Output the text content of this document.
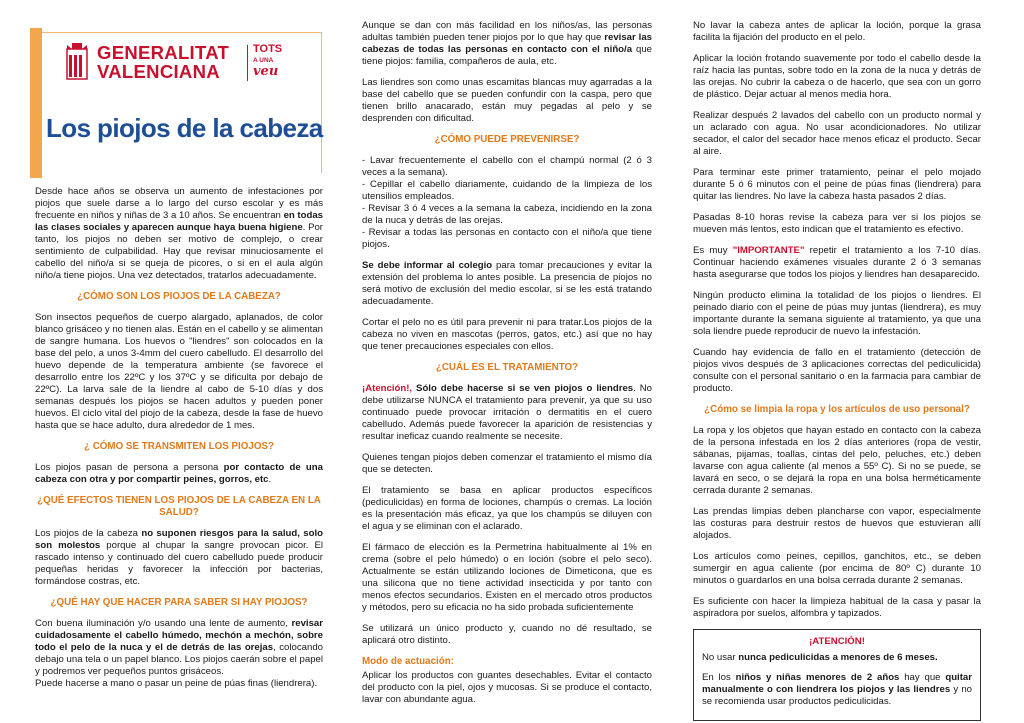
GENERALITAT
VALENCIANA
TOTS
A UNA
veu
Los piojos de la cabeza

Desde hace años se observa un aumento de infestaciones por piojos que suele darse a lo largo del curso escolar y es más frecuente en niños y niñas de 3 a 10 años. Se encuentran en todas las clases sociales y aparecen aunque haya buena higiene. Por tanto, los piojos no deben ser motivo de complejo, o crear sentimiento de culpabilidad. Hay que revisar minuciosamente el cabello del niño/a si se queja de picores, o si en el aula algún niño/a tiene piojos. Una vez detectados, tratarlos adecuadamente.

¿CÓMO SON LOS PIOJOS DE LA CABEZA?

Son insectos pequeños de cuerpo alargado, aplanados, de color blanco grisáceo y no tienen alas. Están en el cabello y se alimentan de sangre humana. Los huevos o "liendres" son colocados en la base del pelo, a unos 3-4mm del cuero cabelludo. El desarrollo del huevo depende de la temperatura ambiente (se favorece el desarrollo entre los 22ºC y los 37ºC y se dificulta por debajo de 22ºC). La larva sale de la liendre al cabo de 5-10 días y dos semanas después los piojos se hacen adultos y pueden poner huevos. El ciclo vital del piojo de la cabeza, desde la fase de huevo hasta que se hace adulto, dura alrededor de 1 mes.

¿ CÓMO SE TRANSMITEN LOS PIOJOS?

Los piojos pasan de persona a persona por contacto de una cabeza con otra y por compartir peines, gorros, etc.

¿QUÉ EFECTOS TIENEN LOS PIOJOS DE LA CABEZA EN LA SALUD?

Los piojos de la cabeza no suponen riesgos para la salud, solo son molestos porque al chupar la sangre provocan picor. El rascado intenso y continuado del cuero cabelludo puede producir pequeñas heridas y favorecer la infección por bacterias, formándose costras, etc.

¿QUÉ HAY QUE HACER PARA SABER SI HAY PIOJOS?

Con buena iluminación y/o usando una lente de aumento, revisar cuidadosamente el cabello húmedo, mechón a mechón, sobre todo el pelo de la nuca y el de detrás de las orejas, colocando debajo una tela o un papel blanco. Los piojos caerán sobre el papel y podremos ver pequeños puntos grisáceos.
Puede hacerse a mano o pasar un peine de púas finas (liendrera).

Aunque se dan con más facilidad en los niños/as, las personas adultas también pueden tener piojos por lo que hay que revisar las cabezas de todas las personas en contacto con el niño/a que tiene piojos: familia, compañeros de aula, etc.

Las liendres son como unas escamitas blancas muy agarradas a la base del cabello que se pueden confundir con la caspa, pero que tienen brillo anacarado, están muy pegadas al pelo y se desprenden con dificultad.

¿CÓMO PUEDE PREVENIRSE?

- Lavar frecuentemente el cabello con el champú normal (2 ó 3 veces a la semana).
- Cepillar el cabello diariamente, cuidando de la limpieza de los utensilios empleados.
- Revisar 3 ó 4 veces a la semana la cabeza, incidiendo en la zona de la nuca y detrás de las orejas.
- Revisar a todas las personas en contacto con el niño/a que tiene piojos.

Se debe informar al colegio para tomar precauciones y evitar la extensión del problema lo antes posible. La presencia de piojos no será motivo de exclusión del medio escolar, si se les está tratando adecuadamente.

Cortar el pelo no es útil para prevenir ni para tratar.Los piojos de la cabeza no viven en mascotas (perros, gatos, etc.) así que no hay que tener precauciones especiales con ellos.

¿CUÁL ES EL TRATAMIENTO?

¡Atención!, Sólo debe hacerse si se ven piojos o liendres. No debe utilizarse NUNCA el tratamiento para prevenir, ya que su uso continuado puede provocar irritación o dermatitis en el cuero cabelludo. Además puede favorecer la aparición de resistencias y resultar ineficaz cuando realmente se necesite.

Quienes tengan piojos deben comenzar el tratamiento el mismo día que se detecten.

El tratamiento se basa en aplicar productos específicos (pediculicidas) en forma de lociones, champús o cremas. La loción es la presentación más eficaz, ya que los champús se diluyen con el agua y se eliminan con el aclarado.

El fármaco de elección es la Permetrina habitualmente al 1% en crema (sobre el pelo húmedo) o en loción (sobre el pelo seco). Actualmente se están utilizando lociones de Dimeticona, que es una silicona que no tiene actividad insecticida y por tanto con menos efectos secundarios. Existen en el mercado otros productos y métodos, pero su eficacia no ha sido probada suficientemente

Se utilizará un único producto y, cuando no dé resultado, se aplicará otro distinto.

Modo de actuación:

Aplicar los productos con guantes desechables. Evitar el contacto del producto con la piel, ojos y mucosas. Si se produce el contacto, lavar con abundante agua.

No lavar la cabeza antes de aplicar la loción, porque la grasa facilita la fijación del producto en el pelo.

Aplicar la loción frotando suavemente por todo el cabello desde la raíz hacia las puntas, sobre todo en la zona de la nuca y detrás de las orejas. No cubrir la cabeza o de hacerlo, que sea con un gorro de plástico. Dejar actuar al menos media hora.

Realizar después 2 lavados del cabello con un producto normal y un aclarado con agua. No usar acondicionadores. No utilizar secador, el calor del secador hace menos eficaz el producto. Secar al aire.

Para terminar este primer tratamiento, peinar el pelo mojado durante 5 ó 6 minutos con el peine de púas finas (liendrera) para quitar las liendres. No lave la cabeza hasta pasados 2 días.

Pasadas 8-10 horas revise la cabeza para ver si los piojos se mueven más lentos, esto indican que el tratamiento es efectivo.

Es muy "IMPORTANTE" repetir el tratamiento a los 7-10 días. Continuar haciendo exámenes visuales durante 2 ó 3 semanas hasta asegurarse que todos los piojos y liendres han desaparecido.

Ningún producto elimina la totalidad de los piojos o liendres. El peinado diario con el peine de púas muy juntas (liendrera), es muy importante durante la semana siguiente al tratamiento, ya que una sola liendre puede reproducir de nuevo la infestación.

Cuando hay evidencia de fallo en el tratamiento (detección de piojos vivos después de 3 aplicaciones correctas del pediculicida) consulte con el personal sanitario o en la farmacia para cambiar de producto.

¿Cómo se limpia la ropa y los artículos de uso personal?

La ropa y los objetos que hayan estado en contacto con la cabeza de la persona infestada en los 2 días anteriores (ropa de vestir, sábanas, pijamas, toallas, cintas del pelo, peluches, etc.) deben lavarse con agua caliente (al menos a 55º C). Si no se puede, se lavará en seco, o se dejará la ropa en una bolsa herméticamente cerrada durante 2 semanas.

Las prendas limpias deben plancharse con vapor, especialmente las costuras para destruir restos de huevos que estuvieran allí alojados.

Los artículos como peines, cepillos, ganchitos, etc., se deben sumergir en agua caliente (por encima de 80º C) durante 10 minutos o guardarlos en una bolsa cerrada durante 2 semanas.

Es suficiente con hacer la limpieza habitual de la casa y pasar la aspiradora por suelos, alfombra y tapizados.

¡ATENCIÓN!

No usar nunca pediculicidas a menores de 6 meses.

En los niños y niñas menores de 2 años hay que quitar manualmente o con liendrera los piojos y las liendres y no se recomienda usar productos pediculicidas.
